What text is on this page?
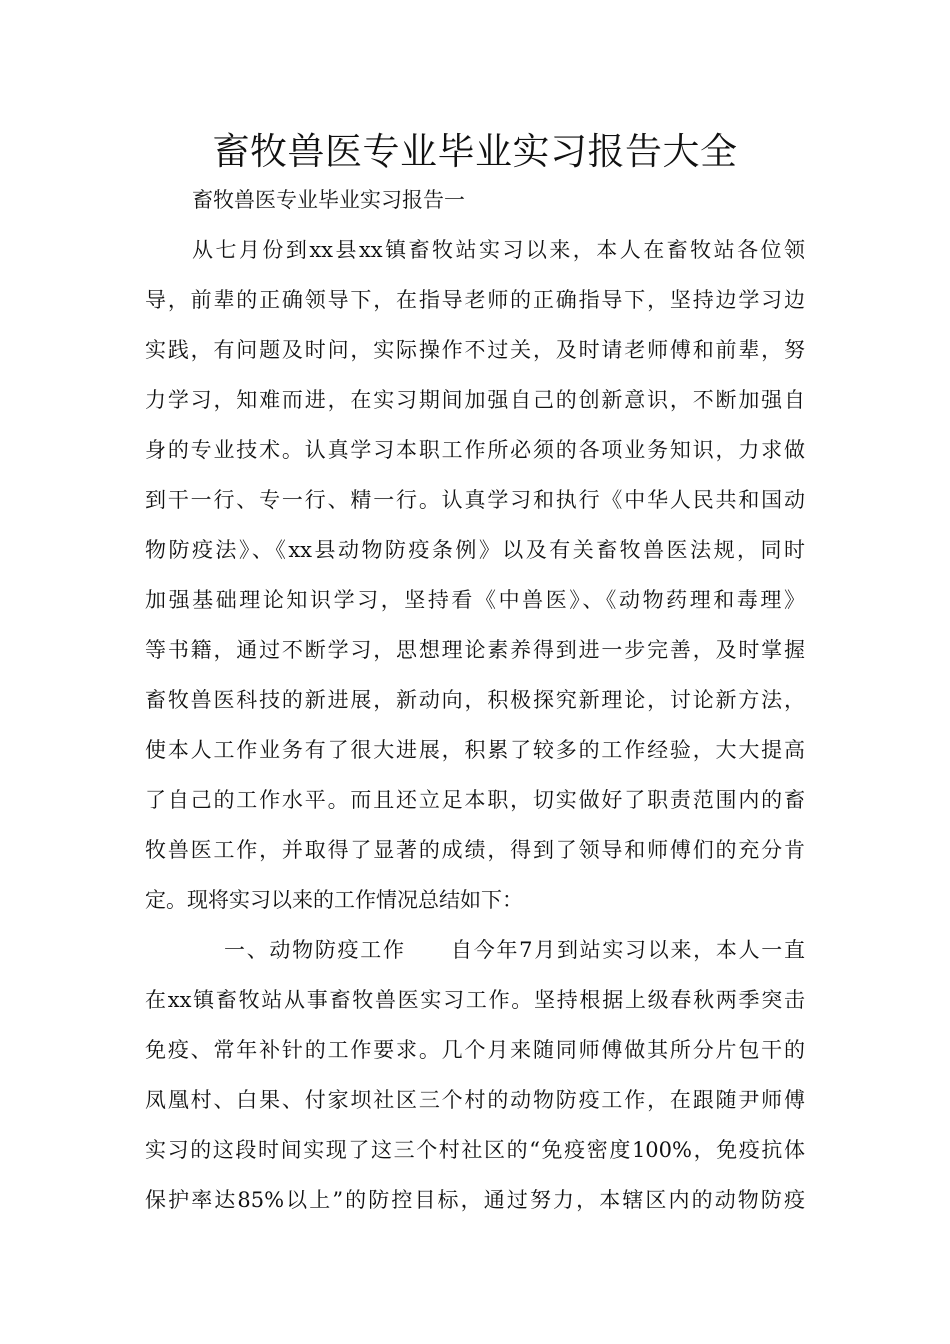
畜牧兽医专业毕业实习报告大全

畜牧兽医专业毕业实习报告一

从七月份到xx县xx镇畜牧站实习以来，本人在畜牧站各位领

导，前辈的正确领导下，在指导老师的正确指导下，坚持边学习边

实践，有问题及时问，实际操作不过关，及时请老师傅和前辈，努

力学习，知难而进，在实习期间加强自己的创新意识，不断加强自

身的专业技术。认真学习本职工作所必须的各项业务知识，力求做

到干一行、专一行、精一行。认真学习和执行《中华人民共和国动

物防疫法》、《xx县动物防疫条例》以及有关畜牧兽医法规，同时

加强基础理论知识学习，坚持看《中兽医》、《动物药理和毒理》

等书籍，通过不断学习，思想理论素养得到进一步完善，及时掌握

畜牧兽医科技的新进展，新动向，积极探究新理论，讨论新方法，

使本人工作业务有了很大进展，积累了较多的工作经验，大大提高

了自己的工作水平。而且还立足本职，切实做好了职责范围内的畜

牧兽医工作，并取得了显著的成绩，得到了领导和师傅们的充分肯

定。现将实习以来的工作情况总结如下：

一、动物防疫工作　　自今年7月到站实习以来，本人一直

在xx镇畜牧站从事畜牧兽医实习工作。坚持根据上级春秋两季突击

免疫、常年补针的工作要求。几个月来随同师傅做其所分片包干的

凤凰村、白果、付家坝社区三个村的动物防疫工作，在跟随尹师傅

实习的这段时间实现了这三个村社区的“免疫密度100%，免疫抗体

保护率达85%以上”的防控目标，通过努力，本辖区内的动物防疫
